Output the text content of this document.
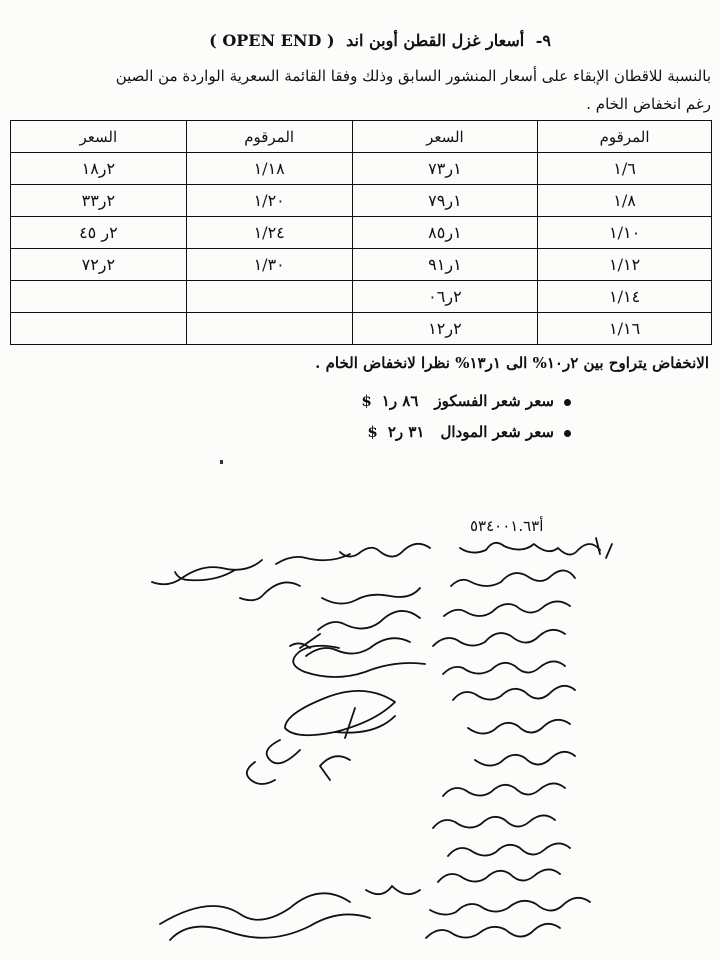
٩- أسعار غزل القطن أوبن اند ( OPEN END )
بالنسبة للاقطان الإبقاء على أسعار المنشور السابق وذلك وفقا القائمة السعرية الواردة من الصين
رغم انخفاض الخام .
المرقوم	السعر	المرقوم	السعر
١/٦	١ر٧٣	١/١٨	٢ر١٨
١/٨	١ر٧٩	١/٢٠	٢ر٣٣
١/١٠	١ر٨٥	١/٢٤	٢ر ٤٥
١/١٢	١ر٩١	١/٣٠	٢ر٧٢
١/١٤	٢ر٠٦		
١/١٦	٢ر١٢		
الانخفاض يتراوح بين ٢ر١٠% الى ١ر١٣% نظرا لانخفاض الخام .
سعر شعر الفسكوز٨٦ ر١$
سعر شعر المودال٣١ ر٢$
أ٥٣٤٠٠١.٦٣
